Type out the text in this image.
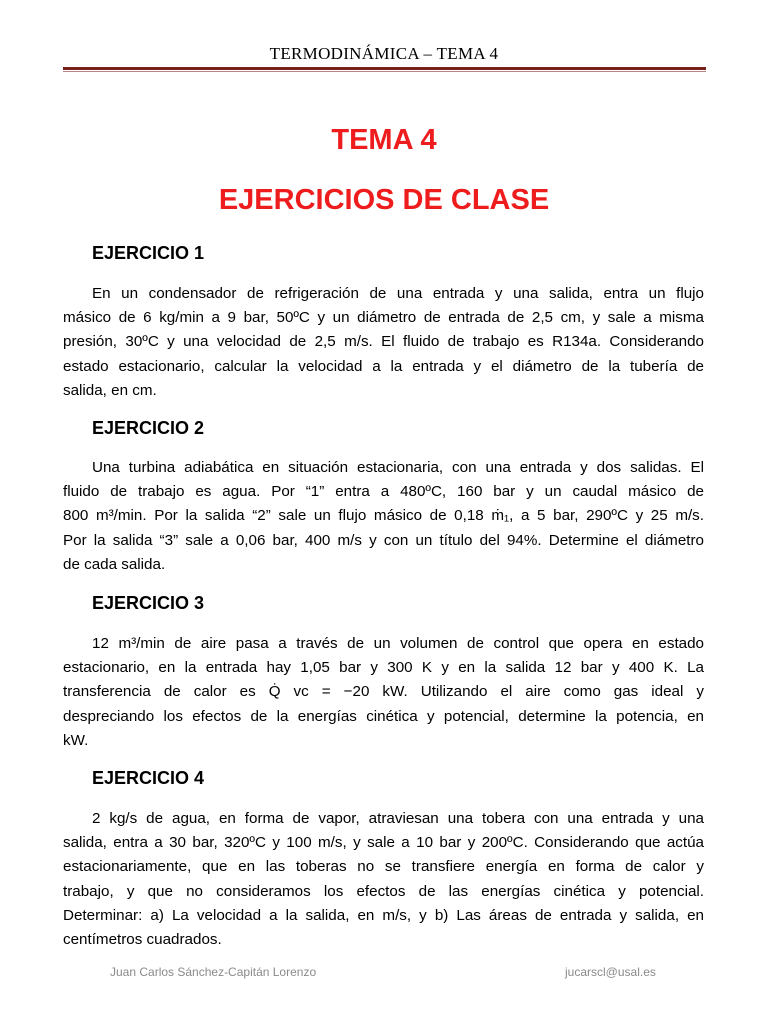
TERMODINÁMICA – TEMA 4
TEMA 4
EJERCICIOS DE CLASE
EJERCICIO 1
En un condensador de refrigeración de una entrada y una salida, entra un flujo
másico de 6 kg/min a 9 bar, 50ºC y un diámetro de entrada de 2,5 cm, y sale a misma
presión, 30ºC y una velocidad de 2,5 m/s. El fluido de trabajo es R134a. Considerando
estado estacionario, calcular la velocidad a la entrada y el diámetro de la tubería de
salida, en cm.
EJERCICIO 2
Una turbina adiabática en situación estacionaria, con una entrada y dos salidas. El
fluido de trabajo es agua. Por “1” entra a 480ºC, 160 bar y un caudal másico de
800 m³/min. Por la salida “2” sale un flujo másico de 0,18 ṁ₁, a 5 bar, 290ºC y 25 m/s.
Por la salida “3” sale a 0,06 bar, 400 m/s y con un título del 94%. Determine el diámetro
de cada salida.
EJERCICIO 3
12 m³/min de aire pasa a través de un volumen de control que opera en estado
estacionario, en la entrada hay 1,05 bar y 300 K y en la salida 12 bar y 400 K. La
transferencia de calor es Q̇ vc = −20 kW. Utilizando el aire como gas ideal y
despreciando los efectos de la energías cinética y potencial, determine la potencia, en
kW.
EJERCICIO 4
2 kg/s de agua, en forma de vapor, atraviesan una tobera con una entrada y una
salida, entra a 30 bar, 320ºC y 100 m/s, y sale a 10 bar y 200ºC. Considerando que actúa
estacionariamente, que en las toberas no se transfiere energía en forma de calor y
trabajo, y que no consideramos los efectos de las energías cinética y potencial.
Determinar: a) La velocidad a la salida, en m/s, y b) Las áreas de entrada y salida, en
centímetros cuadrados.
Juan Carlos Sánchez-Capitán Lorenzo	jucarscl@usal.es
